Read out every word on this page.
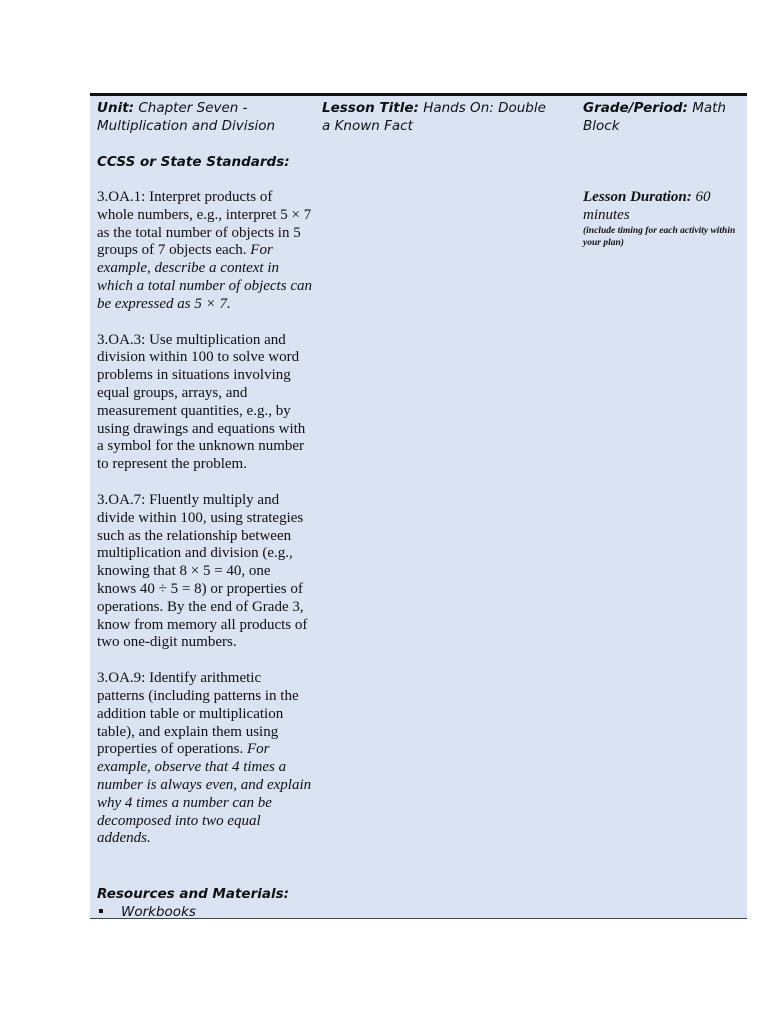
Unit: Chapter Seven - Multiplication and Division
CCSS or State Standards:
3.OA.1: Interpret products of whole numbers, e.g., interpret 5 × 7 as the total number of objects in 5 groups of 7 objects each. For example, describe a context in which a total number of objects can be expressed as 5 × 7.
3.OA.3: Use multiplication and division within 100 to solve word problems in situations involving equal groups, arrays, and measurement quantities, e.g., by using drawings and equations with a symbol for the unknown number to represent the problem.
3.OA.7: Fluently multiply and divide within 100, using strategies such as the relationship between multiplication and division (e.g., knowing that 8 × 5 = 40, one knows 40 ÷ 5 = 8) or properties of operations. By the end of Grade 3, know from memory all products of two one-digit numbers.
3.OA.9: Identify arithmetic patterns (including patterns in the addition table or multiplication table), and explain them using properties of operations. For example, observe that 4 times a number is always even, and explain why 4 times a number can be decomposed into two equal addends.
Lesson Title: Hands On: Double a Known Fact
Grade/Period: Math Block
Lesson Duration: 60 minutes
(include timing for each activity within your plan)
Resources and Materials:
Workbooks
